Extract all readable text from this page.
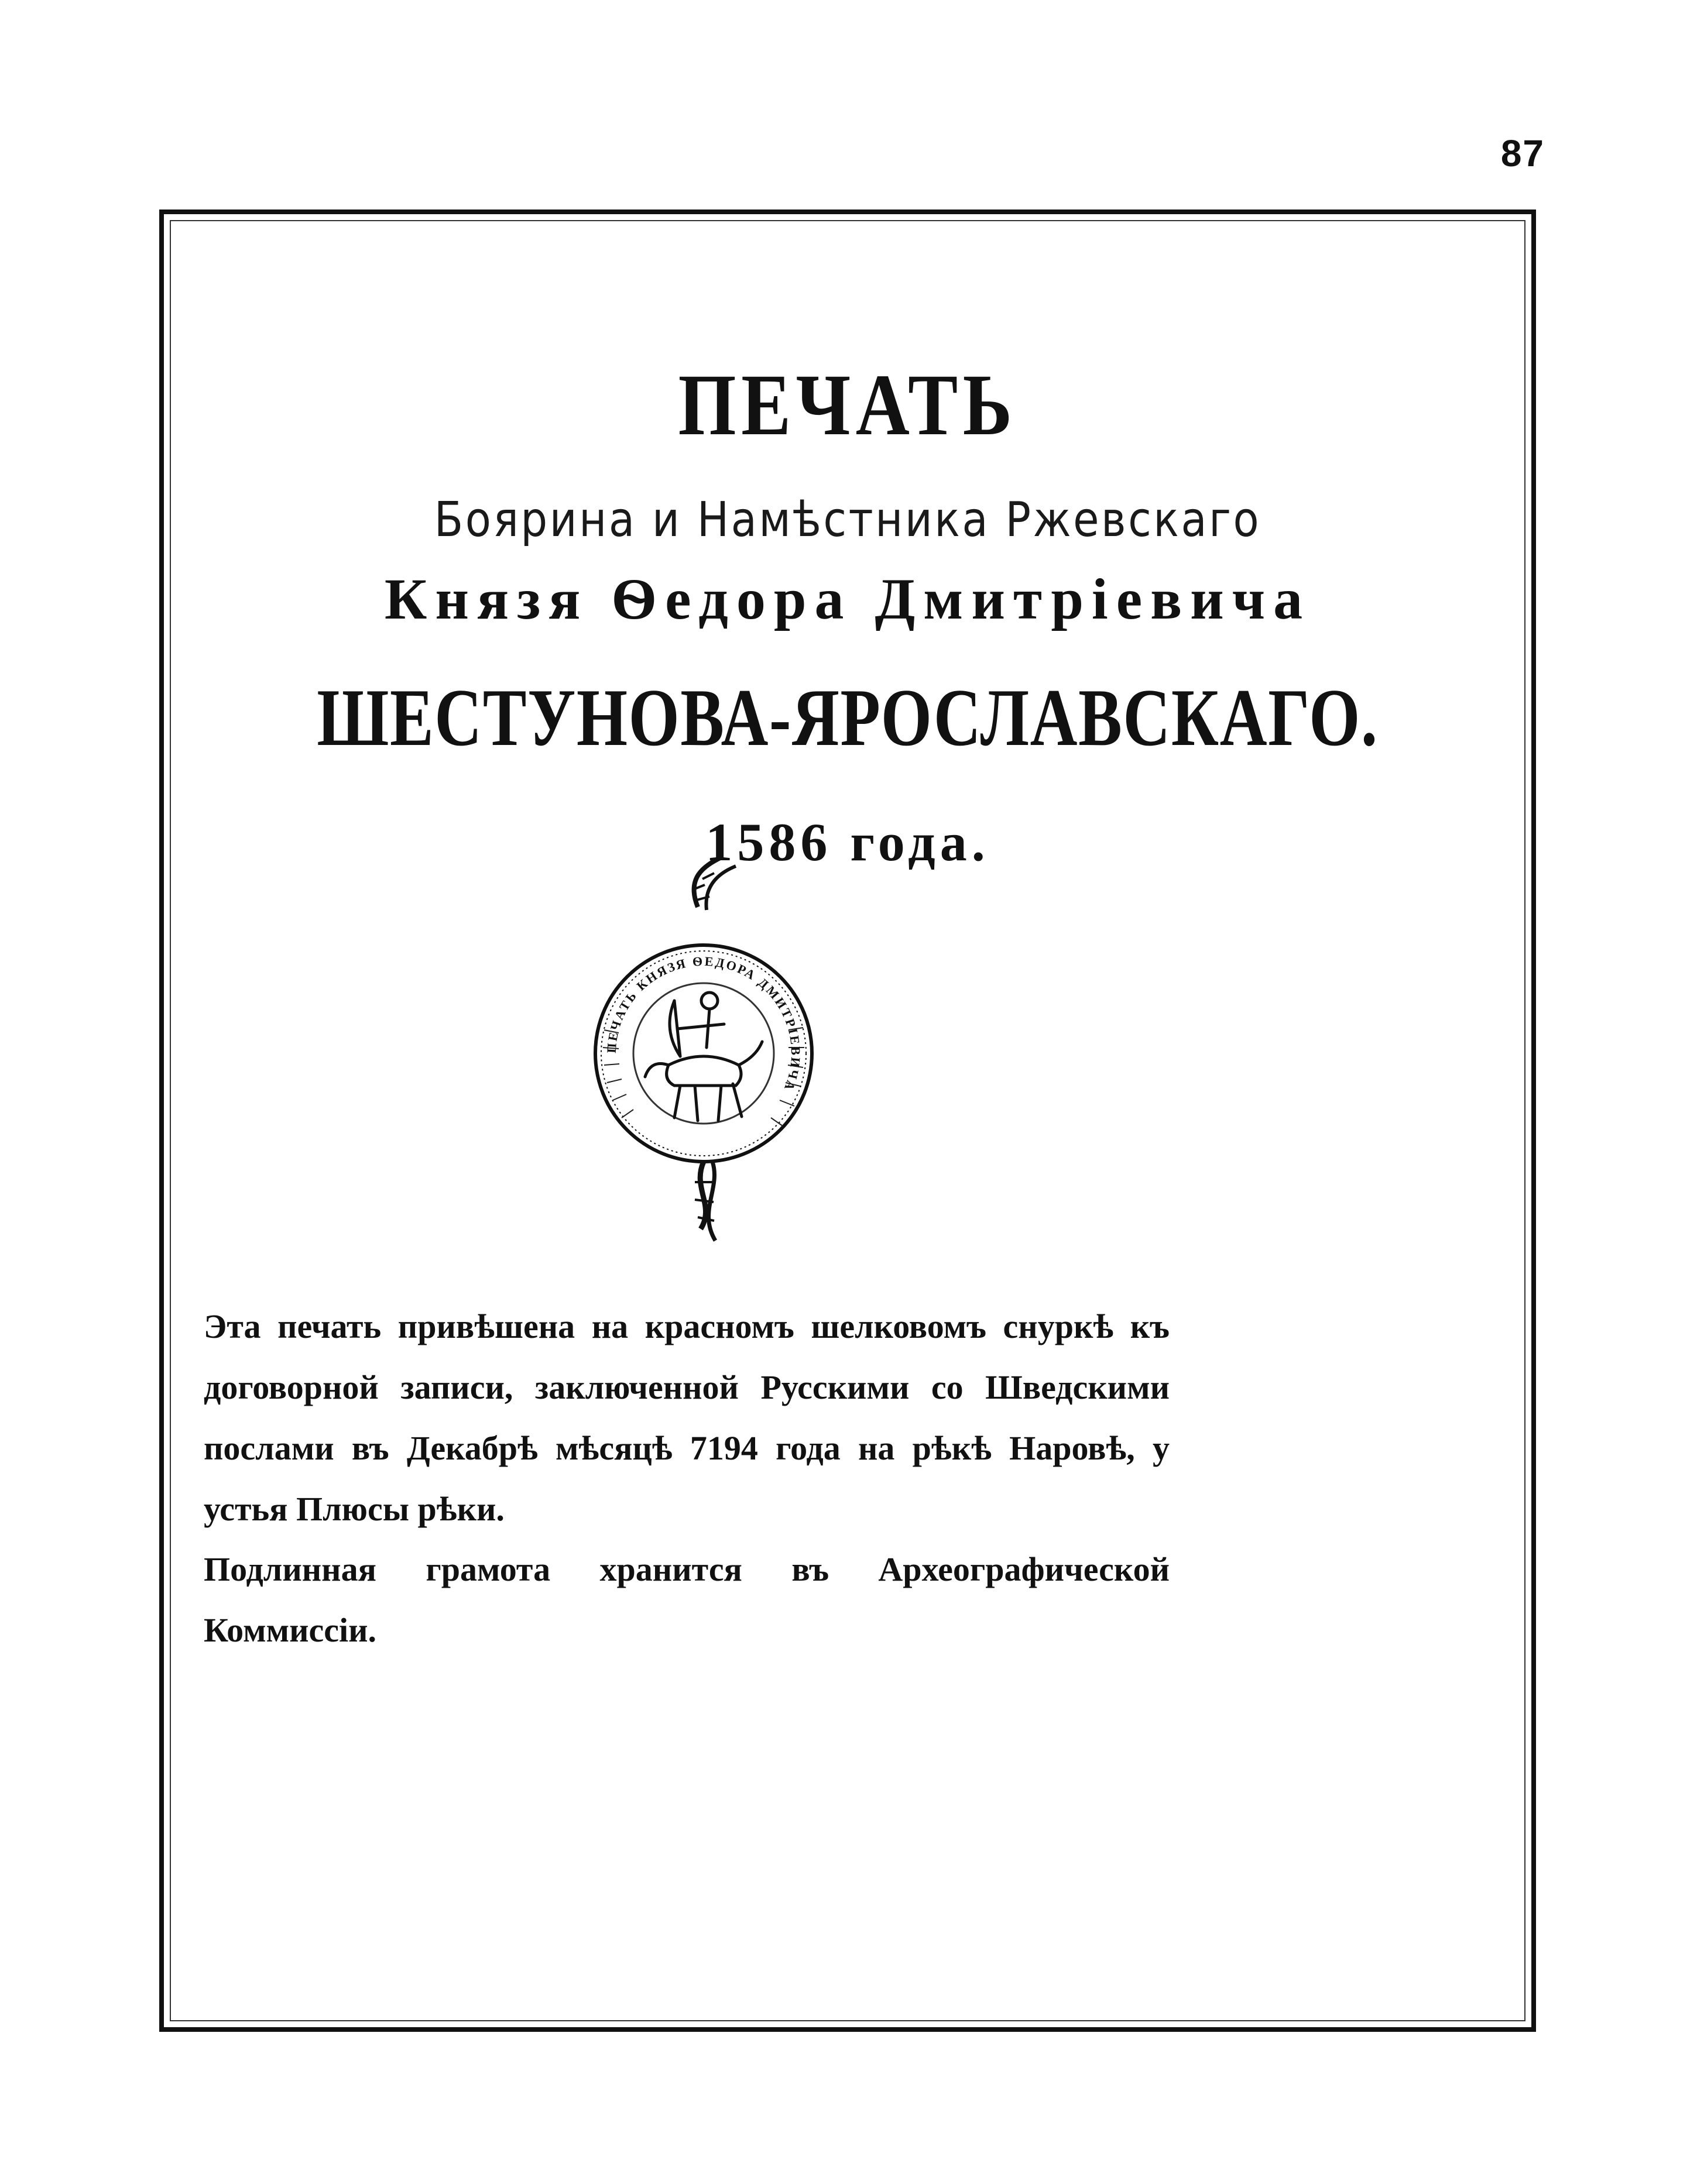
87
ПЕЧАТЬ
Боярина и Намѣстника Ржевскаго
Князя Ѳедора Дмитріевича
ШЕСТУНОВА-ЯРОСЛАВСКАГО.
1586 года.
ПЕЧАТЬ КНЯЗЯ ѲЕДОРА ДМИТРІЕВИЧА
Эта печать привѣшена на красномъ шелковомъ снуркѣ къ договорной записи, заключенной Русскими со Шведскими послами въ Декабрѣ мѣсяцѣ 7194 года на рѣкѣ Наровѣ, у устья Плюсы рѣки.
Подлинная грамота хранится въ Археографической Коммиссіи.
